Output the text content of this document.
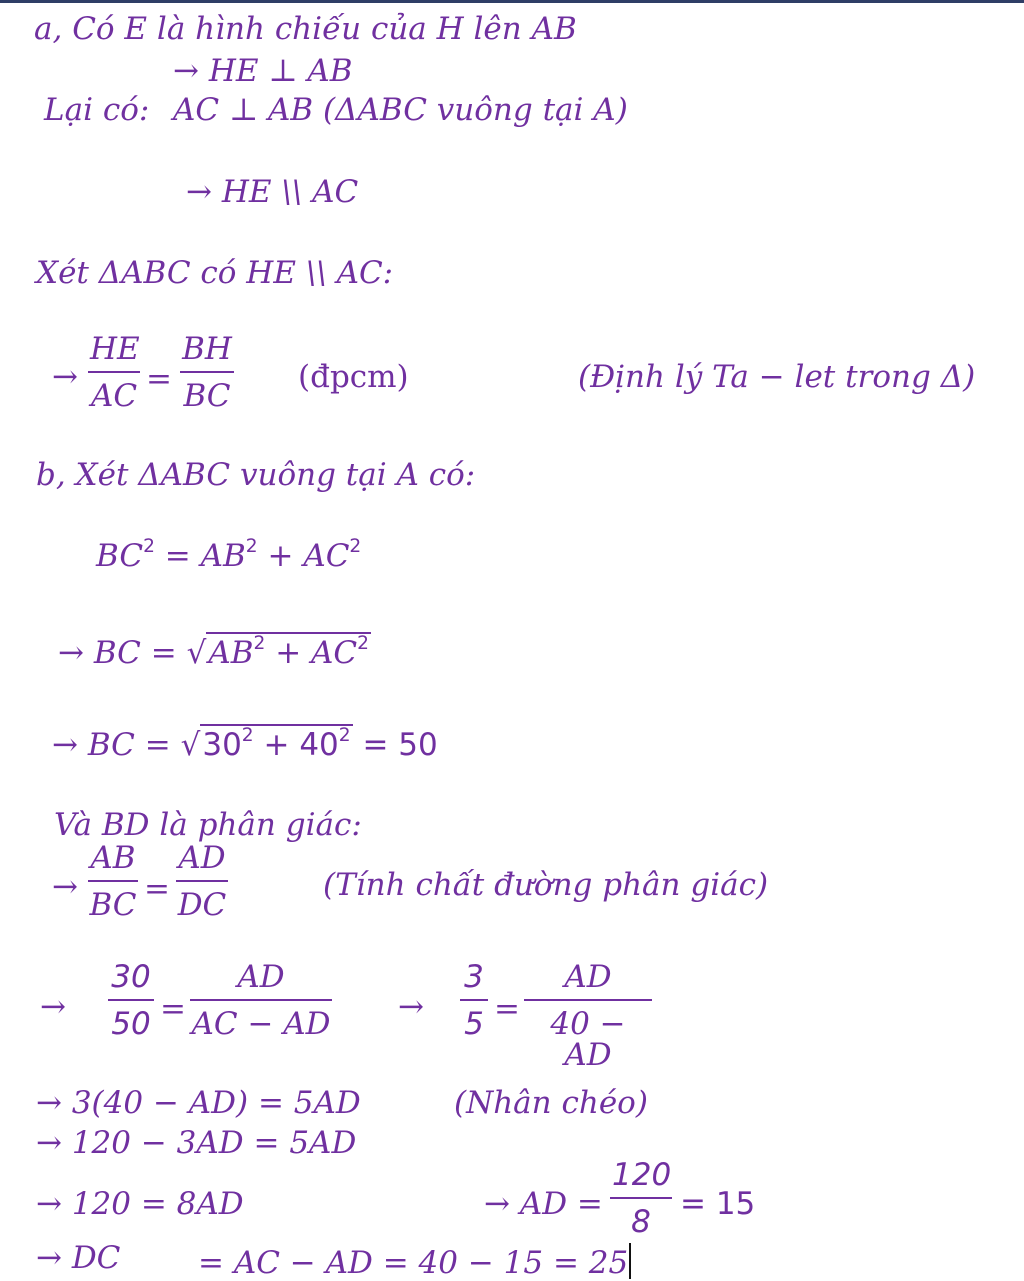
a, Có E là hình chiếu của H lên AB
→ HE ⊥ AB
Lại có: AC ⊥ AB (ΔABC vuông tại A)
→ HE \\ AC
Xét ΔABC có HE \\ AC:
→ $\frac{HE}{AC} = \frac{BH}{BC}$ (đpcm)	(Định lý Ta − let trong Δ)
b, Xét ΔABC vuông tại A có:
$BC^2 = AB^2 + AC^2$
→ BC = $√AB^2 + AC^2$
→ BC = $√30^2 + 40^2 = 50$
Và BD là phân giác:
→ $\frac{AB}{BC} = \frac{AD}{DC}$	(Tính chất đường phân giác)
→ $\frac{30}{50} = \frac{AD}{AC - AD} \to \frac{3}{5} = \frac{AD}{40 - AD}$
→ 3(40 − AD) = 5AD	(Nhân chéo)
→ 120 − 3AD = 5AD
→ 120 = 8AD	→ AD = $\frac{120}{8} = 15$
→ DC	= AC − AD = 40 − 15 = 25
